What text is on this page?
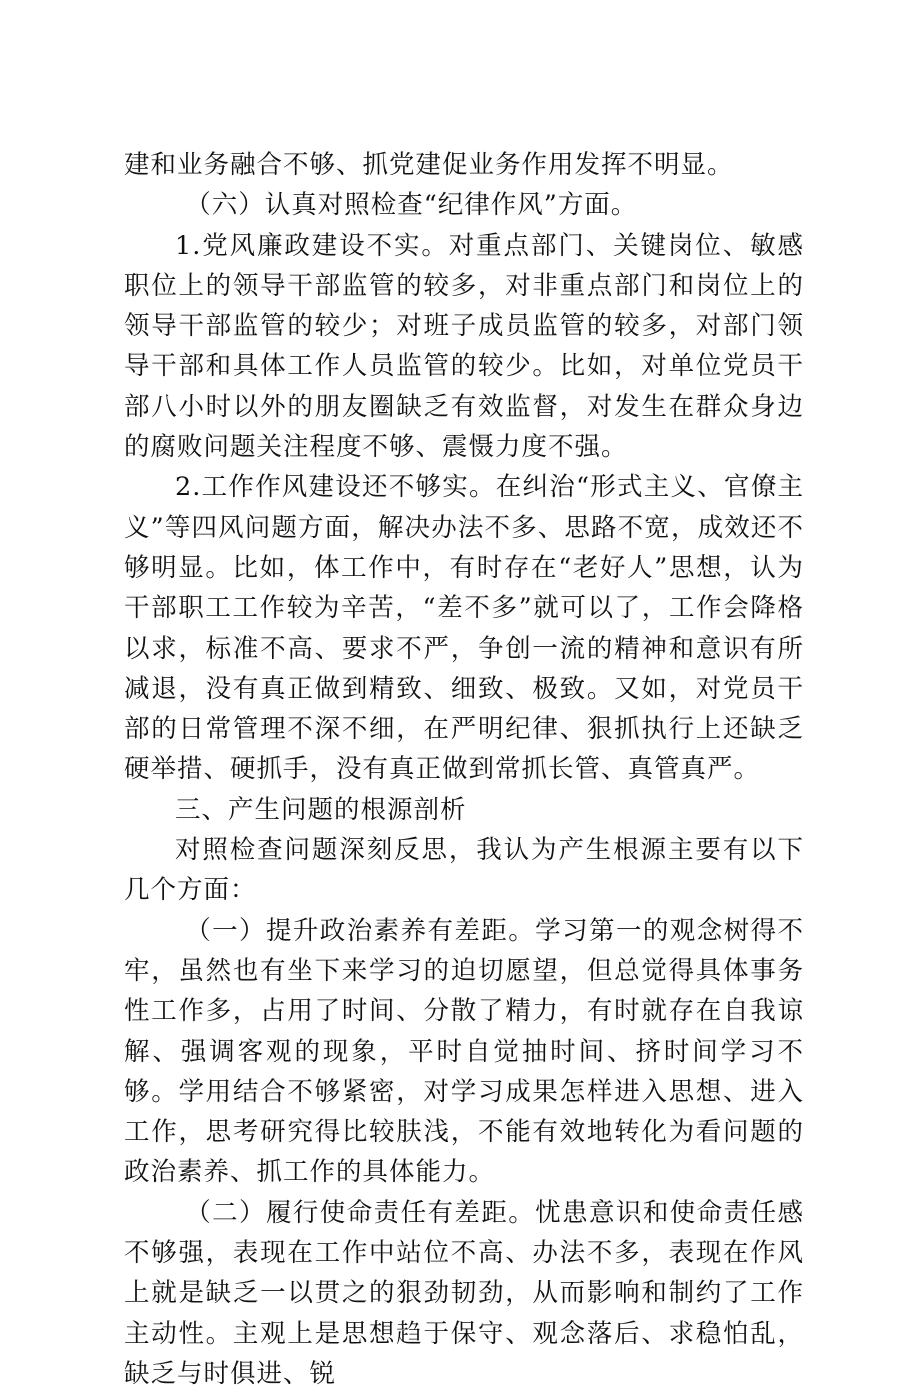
建和业务融合不够、抓党建促业务作用发挥不明显。

（六）认真对照检查“纪律作风”方面。

1.党风廉政建设不实。对重点部门、关键岗位、敏感职位上的领导干部监管的较多，对非重点部门和岗位上的领导干部监管的较少；对班子成员监管的较多，对部门领导干部和具体工作人员监管的较少。比如，对单位党员干部八小时以外的朋友圈缺乏有效监督，对发生在群众身边的腐败问题关注程度不够、震慑力度不强。

2.工作作风建设还不够实。在纠治“形式主义、官僚主义”等四风问题方面，解决办法不多、思路不宽，成效还不够明显。比如，体工作中，有时存在“老好人”思想，认为干部职工工作较为辛苦，“差不多”就可以了，工作会降格以求，标准不高、要求不严，争创一流的精神和意识有所减退，没有真正做到精致、细致、极致。又如，对党员干部的日常管理不深不细，在严明纪律、狠抓执行上还缺乏硬举措、硬抓手，没有真正做到常抓长管、真管真严。

三、产生问题的根源剖析

对照检查问题深刻反思，我认为产生根源主要有以下几个方面：

（一）提升政治素养有差距。学习第一的观念树得不牢，虽然也有坐下来学习的迫切愿望，但总觉得具体事务性工作多，占用了时间、分散了精力，有时就存在自我谅解、强调客观的现象，平时自觉抽时间、挤时间学习不够。学用结合不够紧密，对学习成果怎样进入思想、进入工作，思考研究得比较肤浅，不能有效地转化为看问题的政治素养、抓工作的具体能力。

（二）履行使命责任有差距。忧患意识和使命责任感不够强，表现在工作中站位不高、办法不多，表现在作风上就是缺乏一以贯之的狠劲韧劲，从而影响和制约了工作主动性。主观上是思想趋于保守、观念落后、求稳怕乱，缺乏与时俱进、锐
